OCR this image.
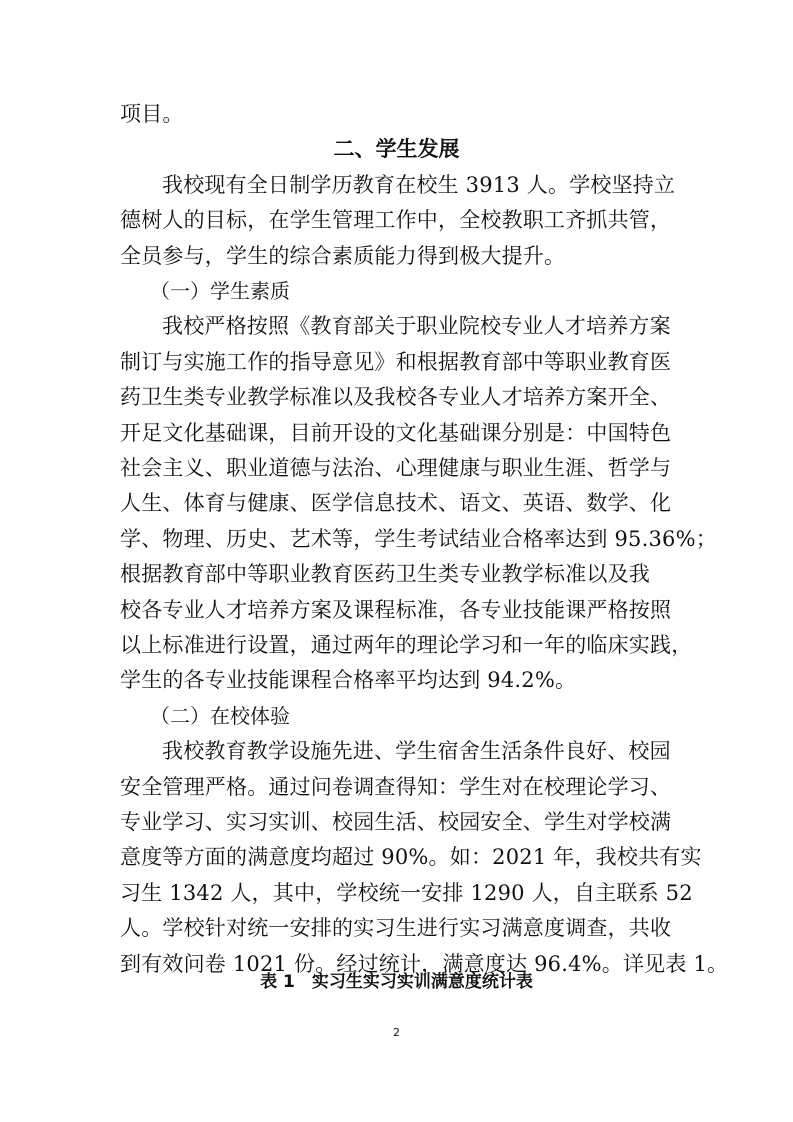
项目。
二、学生发展
我校现有全日制学历教育在校生 3913 人。学校坚持立
德树人的目标，在学生管理工作中，全校教职工齐抓共管，
全员参与，学生的综合素质能力得到极大提升。
（一）学生素质
我校严格按照《教育部关于职业院校专业人才培养方案
制订与实施工作的指导意见》和根据教育部中等职业教育医
药卫生类专业教学标准以及我校各专业人才培养方案开全、
开足文化基础课，目前开设的文化基础课分别是：中国特色
社会主义、职业道德与法治、心理健康与职业生涯、哲学与
人生、体育与健康、医学信息技术、语文、英语、数学、化
学、物理、历史、艺术等，学生考试结业合格率达到 95.36%；
根据教育部中等职业教育医药卫生类专业教学标准以及我
校各专业人才培养方案及课程标准，各专业技能课严格按照
以上标准进行设置，通过两年的理论学习和一年的临床实践，
学生的各专业技能课程合格率平均达到 94.2%。
（二）在校体验
我校教育教学设施先进、学生宿舍生活条件良好、校园
安全管理严格。通过问卷调查得知：学生对在校理论学习、
专业学习、实习实训、校园生活、校园安全、学生对学校满
意度等方面的满意度均超过 90%。如：2021 年，我校共有实
习生 1342 人，其中，学校统一安排 1290 人，自主联系 52
人。学校针对统一安排的实习生进行实习满意度调查，共收
到有效问卷 1021 份。经过统计，满意度达 96.4%。详见表 1。
表 1　实习生实习实训满意度统计表
2
